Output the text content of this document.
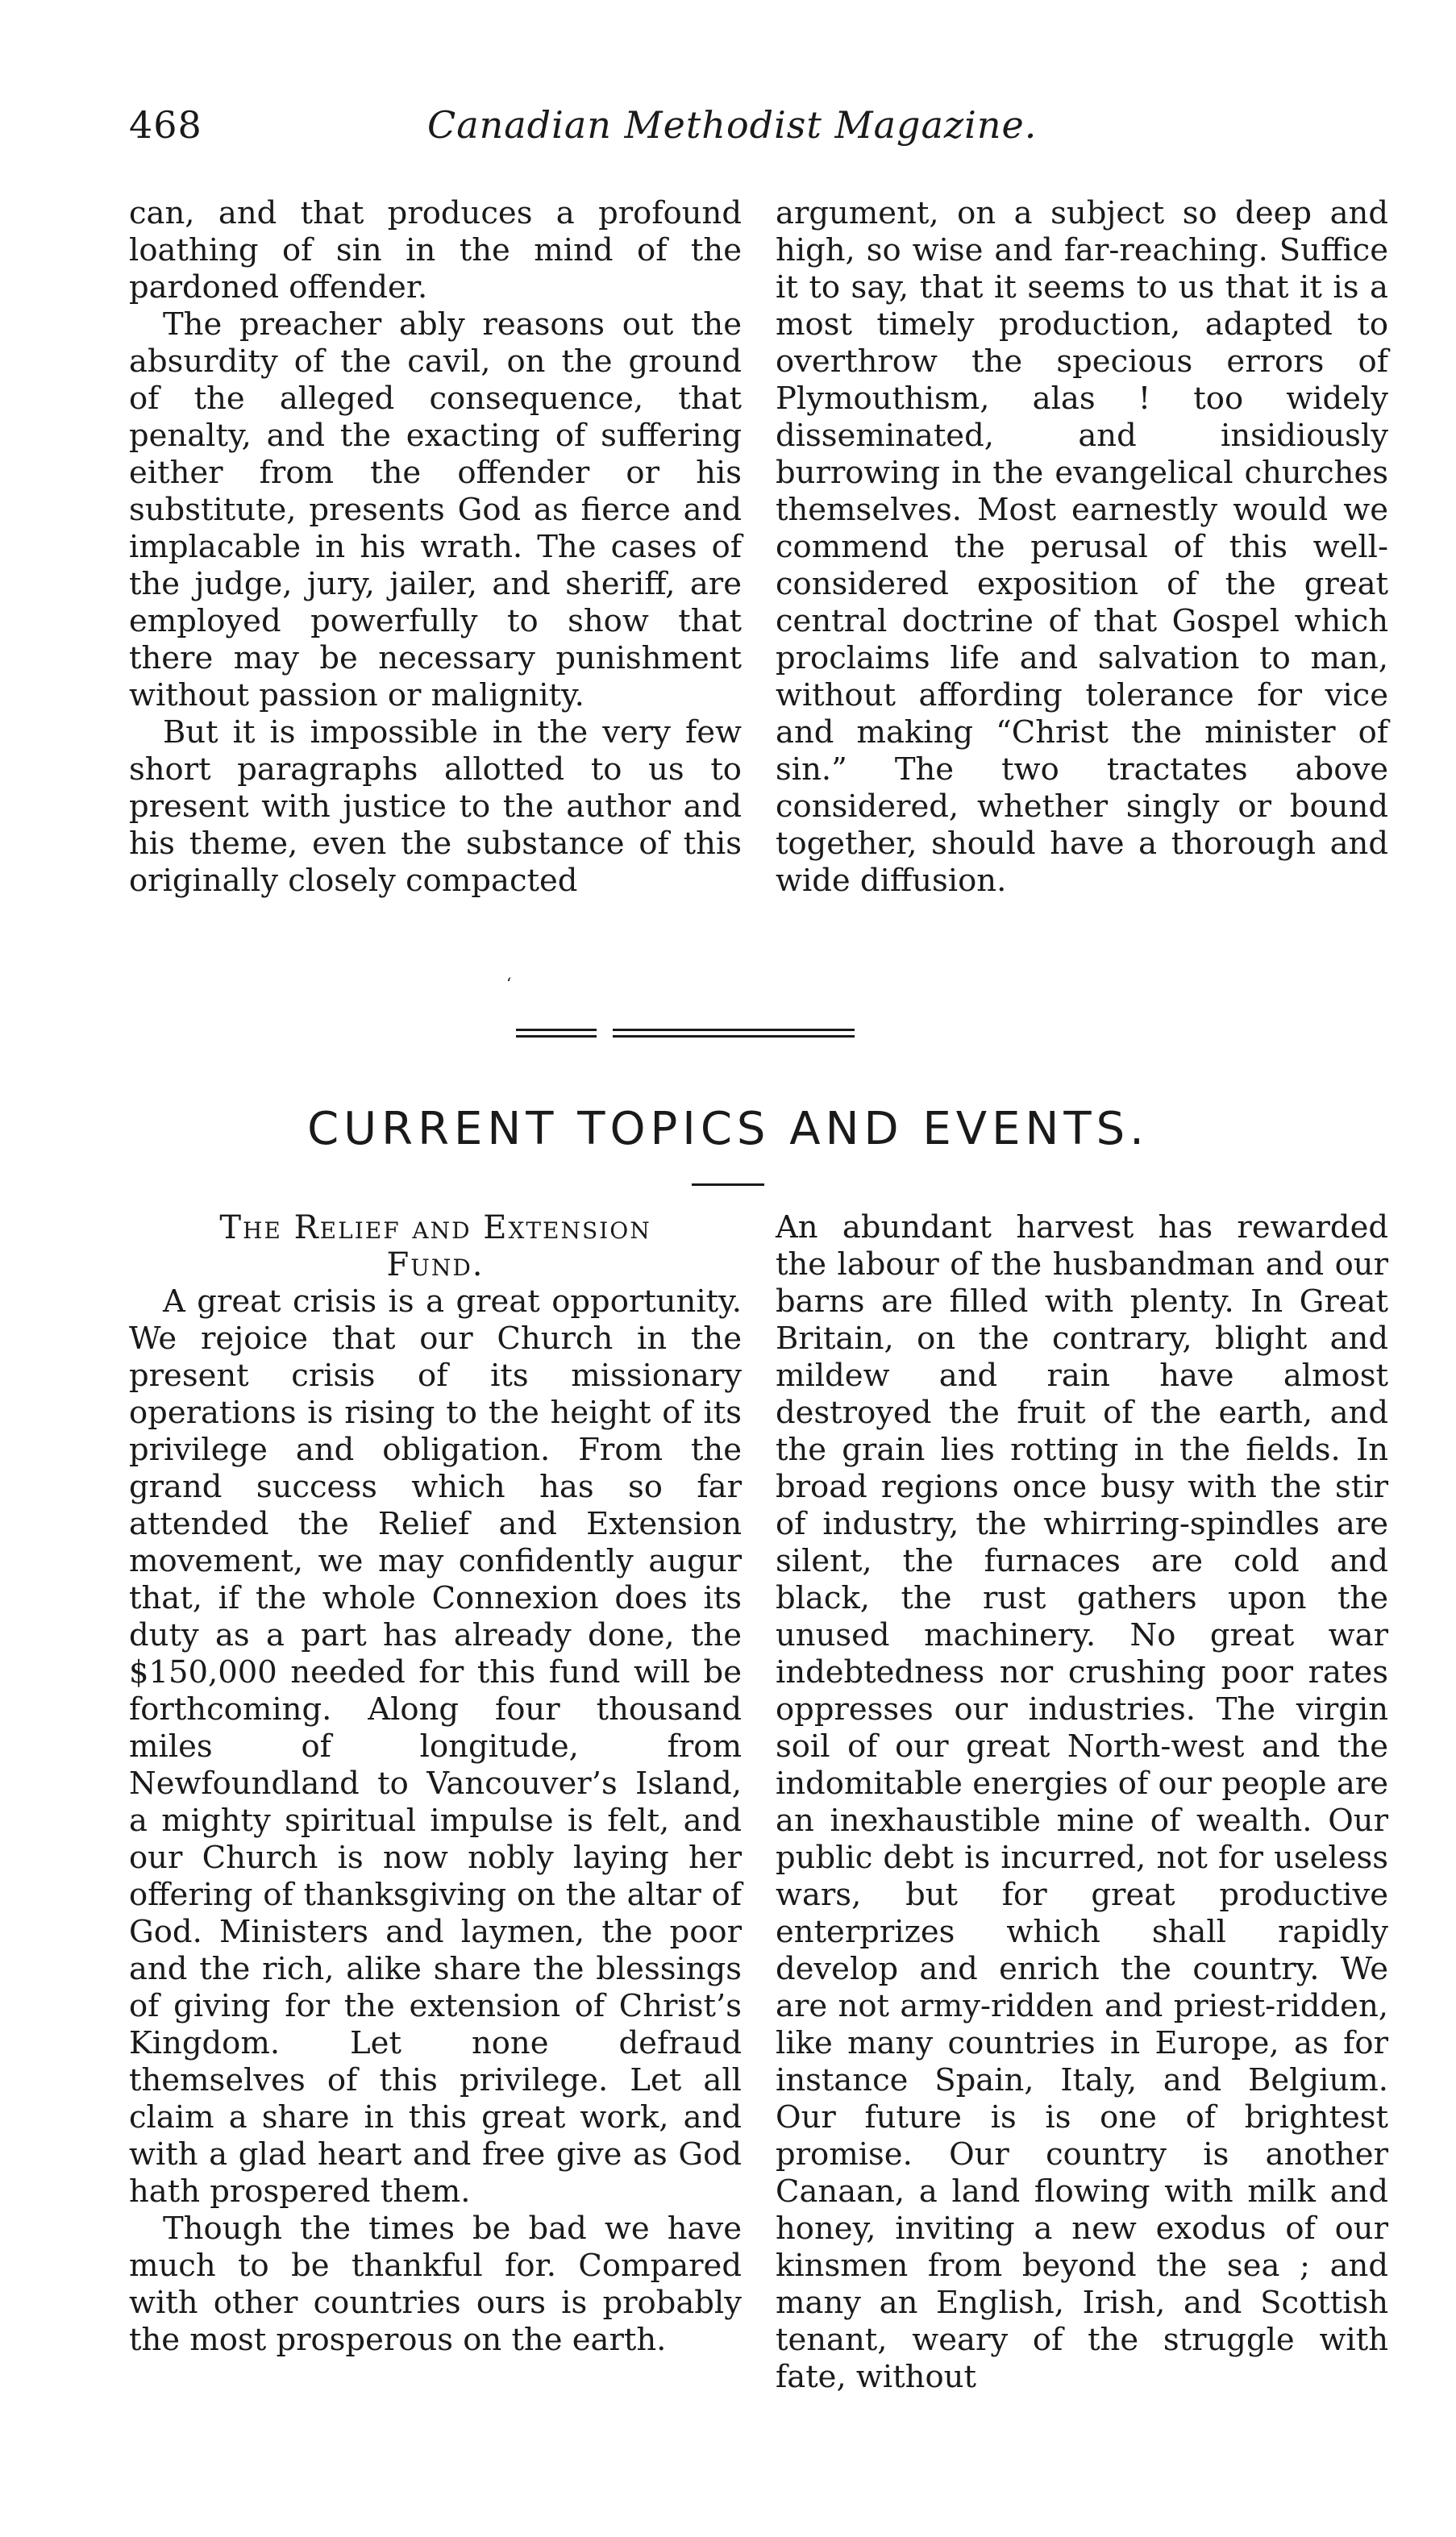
468	Canadian Methodist Magazine.

can, and that produces a profound loathing of sin in the mind of the pardoned offender.

The preacher ably reasons out the absurdity of the cavil, on the ground of the alleged consequence, that penalty, and the exacting of suffering either from the offender or his substitute, presents God as fierce and implacable in his wrath. The cases of the judge, jury, jailer, and sheriff, are employed powerfully to show that there may be necessary punishment without passion or malignity.

But it is impossible in the very few short paragraphs allotted to us to present with justice to the author and his theme, even the substance of this originally closely compacted

argument, on a subject so deep and high, so wise and far-reaching. Suffice it to say, that it seems to us that it is a most timely production, adapted to overthrow the specious errors of Plymouthism, alas ! too widely disseminated, and insidiously burrowing in the evangelical churches themselves. Most earnestly would we commend the perusal of this well-considered exposition of the great central doctrine of that Gospel which proclaims life and salvation to man, without affording tolerance for vice and making “Christ the minister of sin.” The two tractates above considered, whether singly or bound together, should have a thorough and wide diffusion.

‘
CURRENT TOPICS AND EVENTS.

The Relief and Extension

Fund.

A great crisis is a great opportunity. We rejoice that our Church in the present crisis of its missionary operations is rising to the height of its privilege and obligation. From the grand success which has so far attended the Relief and Extension movement, we may confidently augur that, if the whole Connexion does its duty as a part has already done, the $150,000 needed for this fund will be forthcoming. Along four thousand miles of longitude, from Newfoundland to Vancouver’s Island, a mighty spiritual impulse is felt, and our Church is now nobly laying her offering of thanksgiving on the altar of God. Ministers and laymen, the poor and the rich, alike share the blessings of giving for the extension of Christ’s Kingdom. Let none defraud themselves of this privilege. Let all claim a share in this great work, and with a glad heart and free give as God hath prospered them.

Though the times be bad we have much to be thankful for. Compared with other countries ours is probably the most prosperous on the earth.

An abundant harvest has rewarded the labour of the husbandman and our barns are filled with plenty. In Great Britain, on the contrary, blight and mildew and rain have almost destroyed the fruit of the earth, and the grain lies rotting in the fields. In broad regions once busy with the stir of industry, the whirring-spindles are silent, the furnaces are cold and black, the rust gathers upon the unused machinery. No great war indebtedness nor crushing poor rates oppresses our industries. The virgin soil of our great North-west and the indomitable energies of our people are an inexhaustible mine of wealth. Our public debt is incurred, not for useless wars, but for great productive enterprizes which shall rapidly develop and enrich the country. We are not army-ridden and priest-ridden, like many countries in Europe, as for instance Spain, Italy, and Belgium. Our future is is one of brightest promise. Our country is another Canaan, a land flowing with milk and honey, inviting a new exodus of our kinsmen from beyond the sea ; and many an English, Irish, and Scottish tenant, weary of the struggle with fate, without
